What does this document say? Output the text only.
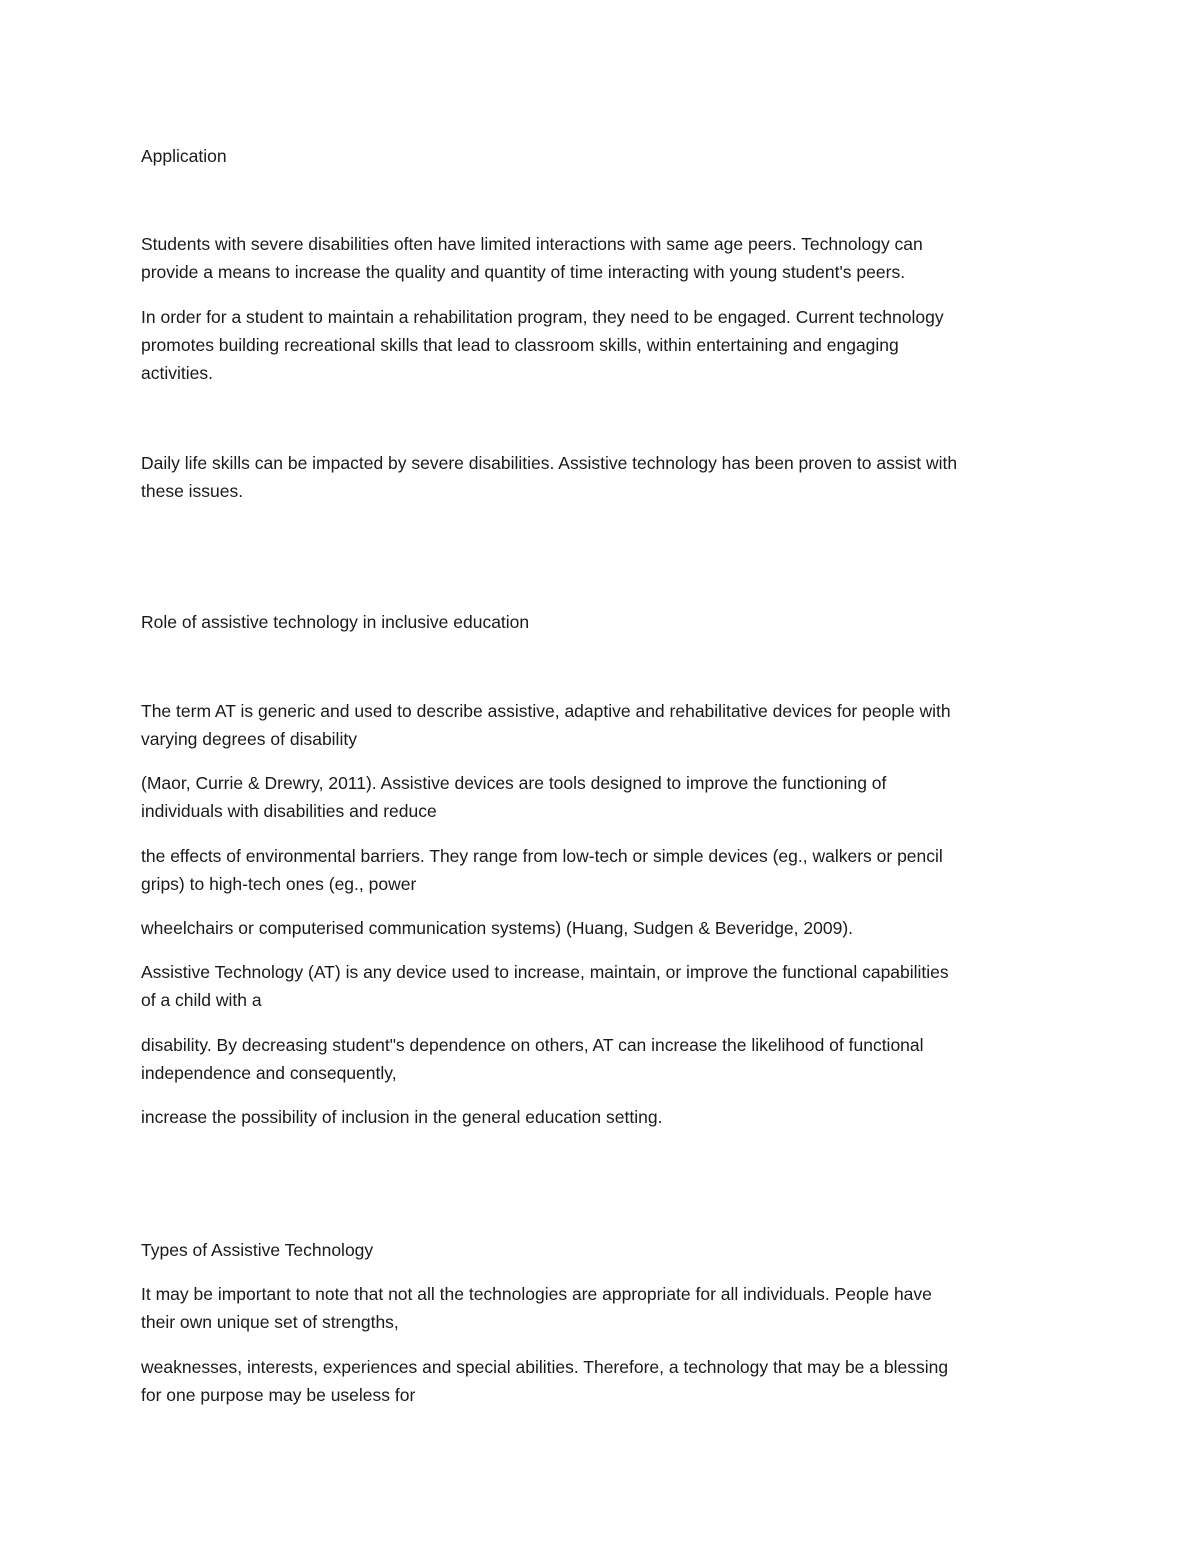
Application

Students with severe disabilities often have limited interactions with same age peers. Technology can

provide a means to increase the quality and quantity of time interacting with young student's peers.

In order for a student to maintain a rehabilitation program, they need to be engaged. Current technology

promotes building recreational skills that lead to classroom skills, within entertaining and engaging

activities.

Daily life skills can be impacted by severe disabilities. Assistive technology has been proven to assist with

these issues.

Role of assistive technology in inclusive education

The term AT is generic and used to describe assistive, adaptive and rehabilitative devices for people with

varying degrees of disability

(Maor, Currie & Drewry, 2011). Assistive devices are tools designed to improve the functioning of

individuals with disabilities and reduce

the effects of environmental barriers. They range from low-tech or simple devices (eg., walkers or pencil

grips) to high-tech ones (eg., power

wheelchairs or computerised communication systems) (Huang, Sudgen & Beveridge, 2009).

Assistive Technology (AT) is any device used to increase, maintain, or improve the functional capabilities

of a child with a

disability. By decreasing student"s dependence on others, AT can increase the likelihood of functional

independence and consequently,

increase the possibility of inclusion in the general education setting.

Types of Assistive Technology

It may be important to note that not all the technologies are appropriate for all individuals. People have

their own unique set of strengths,

weaknesses, interests, experiences and special abilities. Therefore, a technology that may be a blessing

for one purpose may be useless for
